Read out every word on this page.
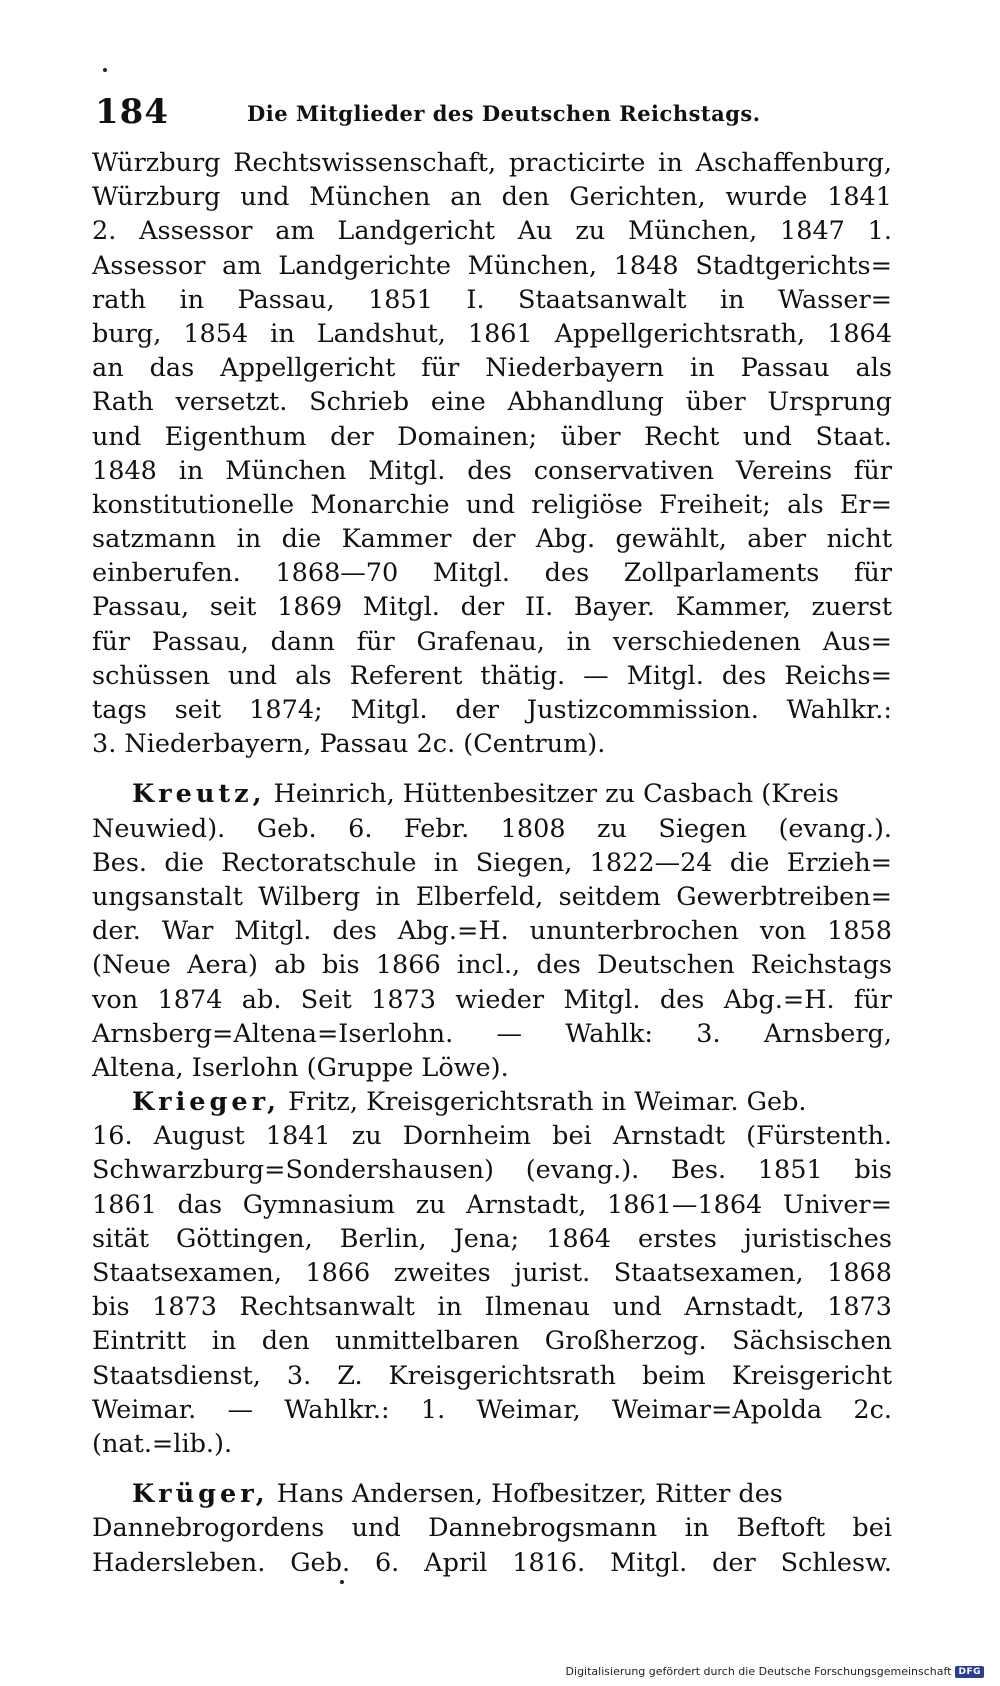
184	Die Mitglieder des Deutschen Reichstags.
Würzburg Rechtswissenschaft, practicirte in Aschaffenburg,
Würzburg und München an den Gerichten, wurde 1841
2. Assessor am Landgericht Au zu München, 1847 1.
Assessor am Landgerichte München, 1848 Stadtgerichts=
rath in Passau, 1851 I. Staatsanwalt in Wasser=
burg, 1854 in Landshut, 1861 Appellgerichtsrath, 1864
an das Appellgericht für Niederbayern in Passau als
Rath versetzt. Schrieb eine Abhandlung über Ursprung
und Eigenthum der Domainen; über Recht und Staat.
1848 in München Mitgl. des conservativen Vereins für
konstitutionelle Monarchie und religiöse Freiheit; als Er=
satzmann in die Kammer der Abg. gewählt, aber nicht
einberufen. 1868—70 Mitgl. des Zollparlaments für
Passau, seit 1869 Mitgl. der II. Bayer. Kammer, zuerst
für Passau, dann für Grafenau, in verschiedenen Aus=
schüssen und als Referent thätig. — Mitgl. des Reichs=
tags seit 1874; Mitgl. der Justizcommission. Wahlkr.:
3. Niederbayern, Passau 2c. (Centrum).
Kreutz, Heinrich, Hüttenbesitzer zu Casbach (Kreis
Neuwied). Geb. 6. Febr. 1808 zu Siegen (evang.).
Bes. die Rectoratschule in Siegen, 1822—24 die Erzieh=
ungsanstalt Wilberg in Elberfeld, seitdem Gewerbtreiben=
der. War Mitgl. des Abg.=H. ununterbrochen von 1858
(Neue Aera) ab bis 1866 incl., des Deutschen Reichstags
von 1874 ab. Seit 1873 wieder Mitgl. des Abg.=H. für
Arnsberg=Altena=Iserlohn. — Wahlk: 3. Arnsberg,
Altena, Iserlohn (Gruppe Löwe).
Krieger, Fritz, Kreisgerichtsrath in Weimar. Geb.
16. August 1841 zu Dornheim bei Arnstadt (Fürstenth.
Schwarzburg=Sondershausen) (evang.). Bes. 1851 bis
1861 das Gymnasium zu Arnstadt, 1861—1864 Univer=
sität Göttingen, Berlin, Jena; 1864 erstes juristisches
Staatsexamen, 1866 zweites jurist. Staatsexamen, 1868
bis 1873 Rechtsanwalt in Ilmenau und Arnstadt, 1873
Eintritt in den unmittelbaren Großherzog. Sächsischen
Staatsdienst, 3. Z. Kreisgerichtsrath beim Kreisgericht
Weimar. — Wahlkr.: 1. Weimar, Weimar=Apolda 2c.
(nat.=lib.).
Krüger, Hans Andersen, Hofbesitzer, Ritter des
Dannebrogordens und Dannebrogsmann in Beftoft bei
Hadersleben. Geb. 6. April 1816. Mitgl. der Schlesw.
Digitalisierung gefördert durch die Deutsche Forschungsgemeinschaft DFG
